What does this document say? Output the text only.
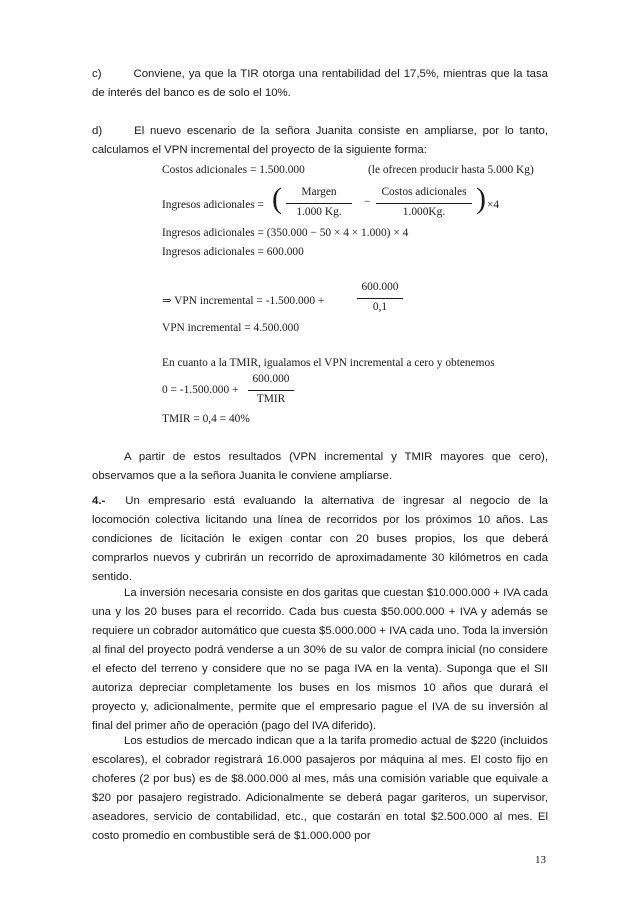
c)	Conviene, ya que la TIR otorga una rentabilidad del 17,5%, mientras que la tasa de interés del banco es de solo el 10%.
d)	El nuevo escenario de la señora Juanita consiste en ampliarse, por lo tanto, calculamos el VPN incremental del proyecto de la siguiente forma:
Costos adicionales = 1.500.000	(le ofrecen producir hasta 5.000 Kg)
Ingresos adicionales = (	Margen
1.000 Kg.
−
Costos adicionales
1.000Kg.	) ×4
Ingresos adicionales = (350.000 − 50 × 4 × 1.000) × 4
Ingresos adicionales = 600.000
⇒ VPN incremental = -1.500.000 +
600.000
0,1
VPN incremental = 4.500.000
En cuanto a la TMIR, igualamos el VPN incremental a cero y obtenemos
0 = -1.500.000 +
600.000
TMIR
TMIR = 0,4 = 40%
A partir de estos resultados (VPN incremental y TMIR mayores que cero), observamos que a la señora Juanita le conviene ampliarse.
4.- Un empresario está evaluando la alternativa de ingresar al negocio de la locomoción colectiva licitando una línea de recorridos por los próximos 10 años. Las condiciones de licitación le exigen contar con 20 buses propios, los que deberá comprarlos nuevos y cubrirán un recorrido de aproximadamente 30 kilómetros en cada sentido.
La inversión necesaria consiste en dos garitas que cuestan $10.000.000 + IVA cada una y los 20 buses para el recorrido. Cada bus cuesta $50.000.000 + IVA y además se requiere un cobrador automático que cuesta $5.000.000 + IVA cada uno. Toda la inversión al final del proyecto podrá venderse a un 30% de su valor de compra inicial (no considere el efecto del terreno y considere que no se paga IVA en la venta). Suponga que el SII autoriza depreciar completamente los buses en los mismos 10 años que durará el proyecto y, adicionalmente, permite que el empresario pague el IVA de su inversión al final del primer año de operación (pago del IVA diferido).
Los estudios de mercado indican que a la tarifa promedio actual de $220 (incluidos escolares), el cobrador registrará 16.000 pasajeros por máquina al mes. El costo fijo en choferes (2 por bus) es de $8.000.000 al mes, más una comisión variable que equivale a $20 por pasajero registrado. Adicionalmente se deberá pagar gariteros, un supervisor, aseadores, servicio de contabilidad, etc., que costarán en total $2.500.000 al mes. El costo promedio en combustible será de $1.000.000 por
13
